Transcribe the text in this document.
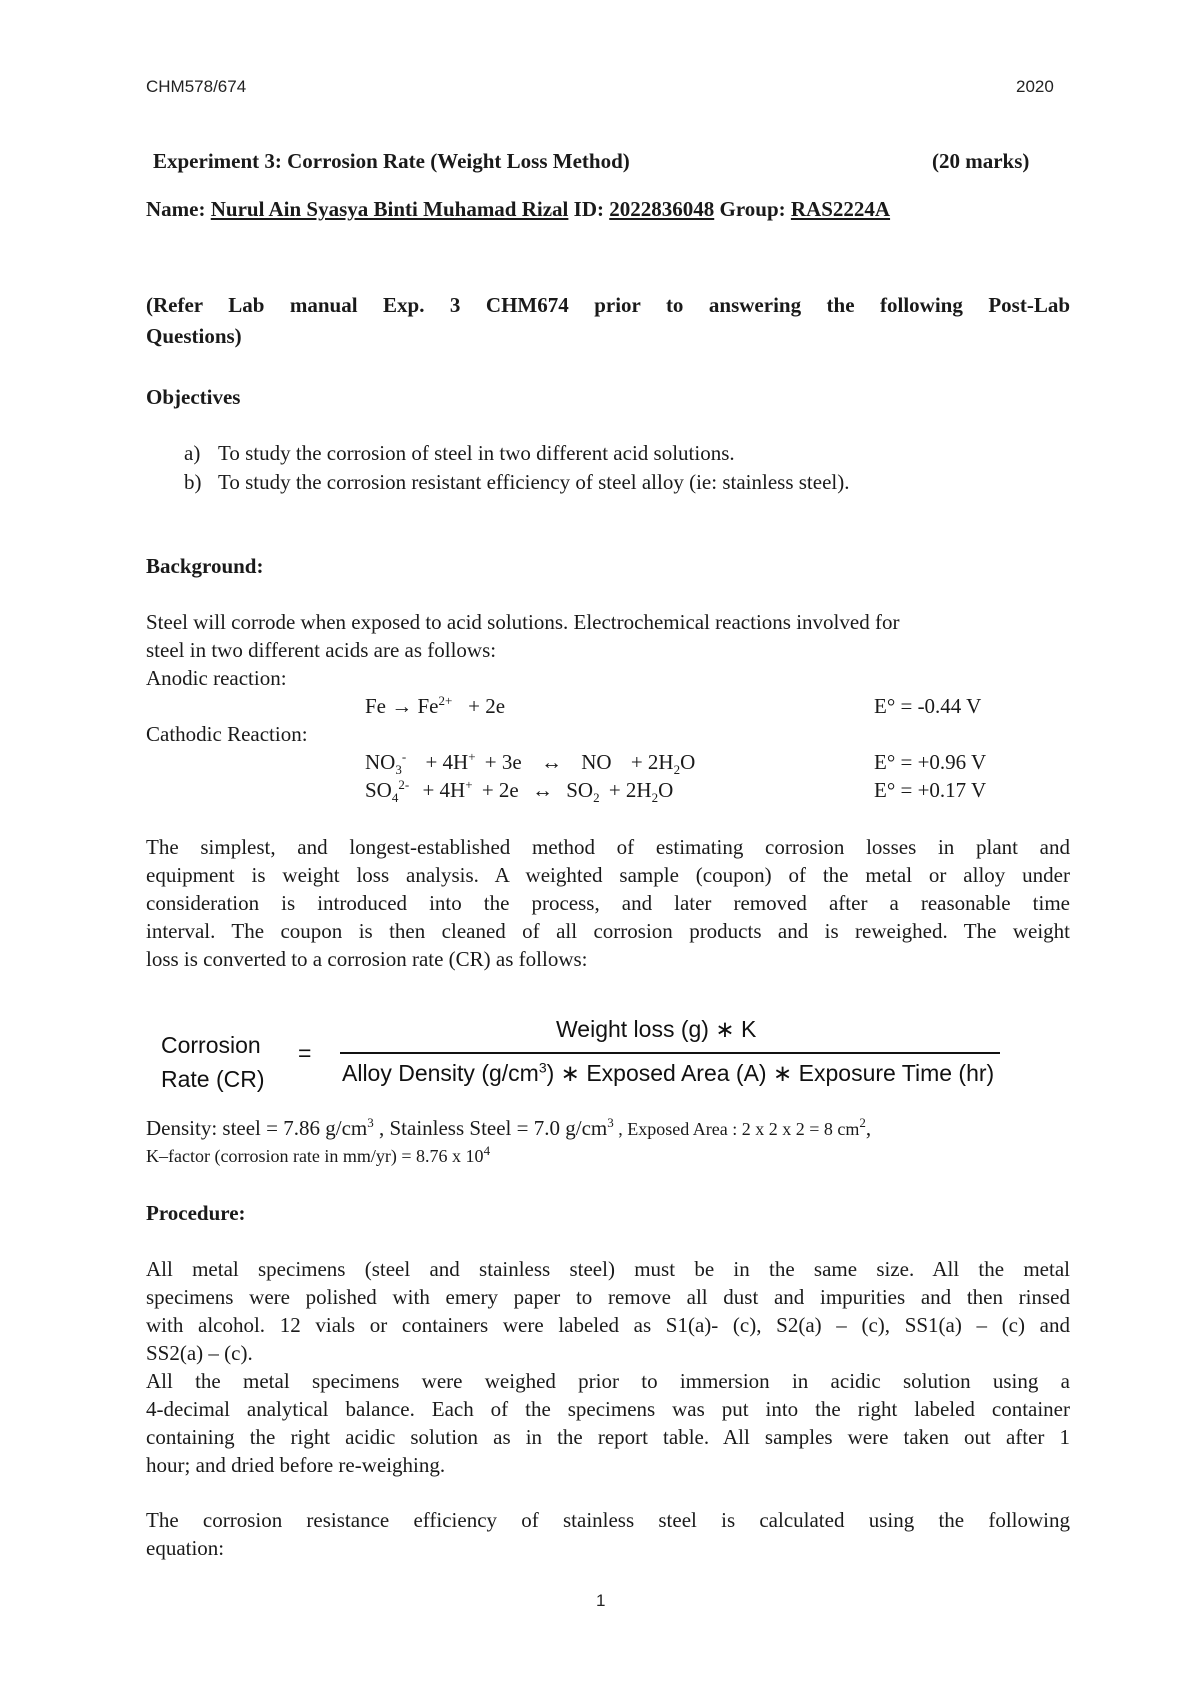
CHM578/674	2020
Experiment 3: Corrosion Rate (Weight Loss Method)	(20 marks)
Name: Nurul Ain Syasya Binti Muhamad Rizal ID: 2022836048 Group: RAS2224A
(Refer Lab manual Exp. 3 CHM674 prior to answering the following Post-Lab
Questions)
Objectives
a) To study the corrosion of steel in two different acid solutions.
b) To study the corrosion resistant efficiency of steel alloy (ie: stainless steel).
Background:
Steel will corrode when exposed to acid solutions. Electrochemical reactions involved for
steel in two different acids are as follows:
Anodic reaction:
$Fe \to Fe^{2+} + 2e$	E° = -0.44 V
Cathodic Reaction:
$NO_3^- + 4H^+ + 3e$ ↔ NO + $2H_2O$	E° = +0.96 V
$SO_4^{2-} + 4H^+ + 2e$ ↔ $SO_2 + 2H_2O$	E° = +0.17 V
The simplest, and longest-established method of estimating corrosion losses in plant and
equipment is weight loss analysis. A weighted sample (coupon) of the metal or alloy under
consideration is introduced into the process, and later removed after a reasonable time
interval. The coupon is then cleaned of all corrosion products and is reweighed. The weight
loss is converted to a corrosion rate (CR) as follows:
Corrosion
Rate (CR)
=
Weight loss (g) ∗ K
Alloy Density $(g/cm^3)$ ∗ Exposed Area (A) ∗ Exposure Time (hr)
Density: steel = 7.86 $g/cm^3$ , Stainless Steel = 7.0 $g/cm^3$ , Exposed Area : 2 x 2 x 2 = 8 $cm^2$,
K–factor (corrosion rate in mm/yr) = 8.76 x $10^4$
Procedure:
All metal specimens (steel and stainless steel) must be in the same size. All the metal
specimens were polished with emery paper to remove all dust and impurities and then rinsed
with alcohol. 12 vials or containers were labeled as S1(a)- (c), S2(a) – (c), SS1(a) – (c) and
SS2(a) – (c).
All the metal specimens were weighed prior to immersion in acidic solution using a
4-decimal analytical balance. Each of the specimens was put into the right labeled container
containing the right acidic solution as in the report table. All samples were taken out after 1
hour; and dried before re-weighing.
The corrosion resistance efficiency of stainless steel is calculated using the following
equation:
1
